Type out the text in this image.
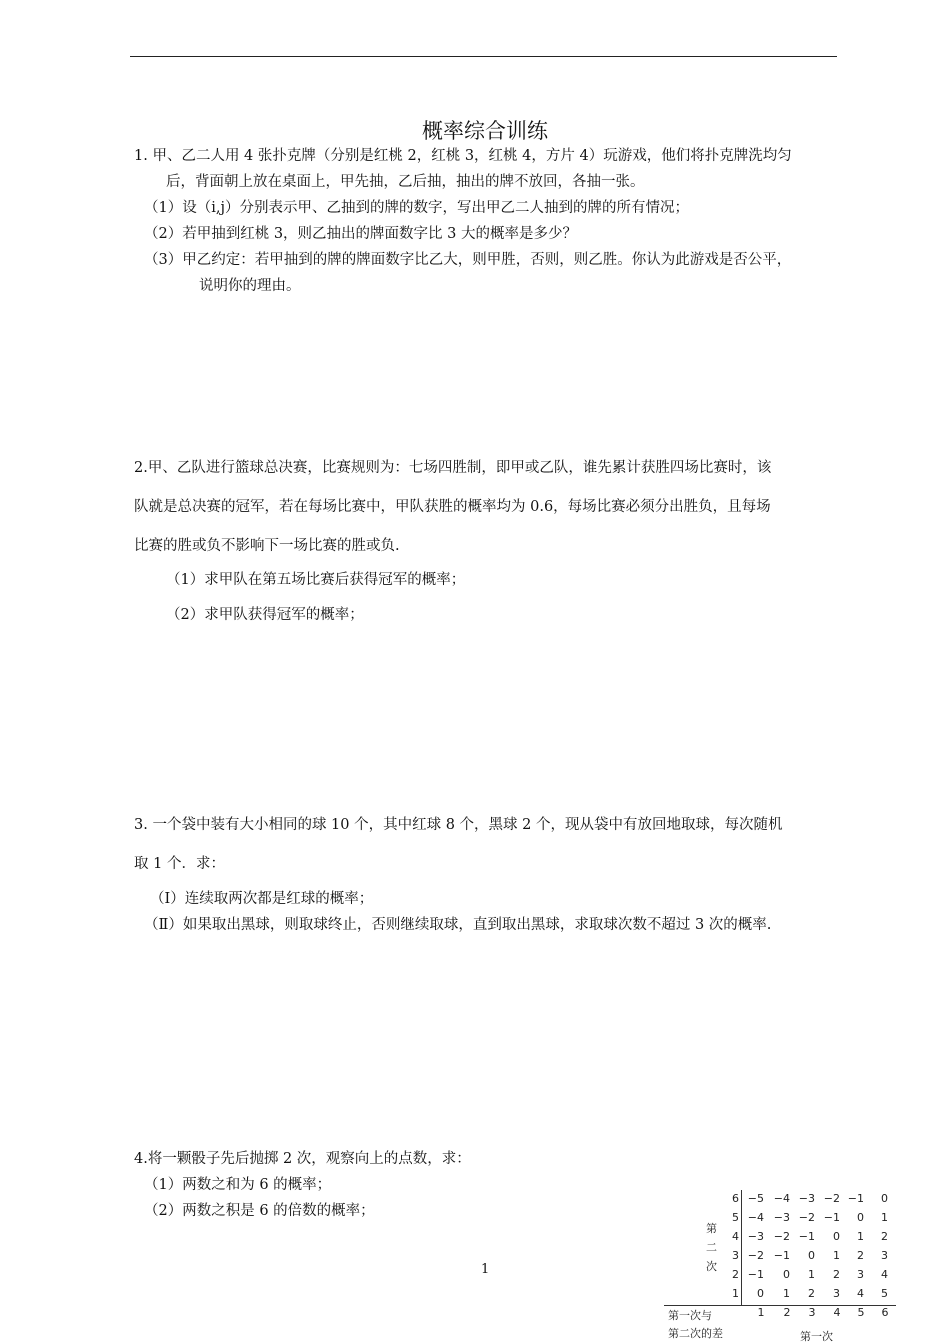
概率综合训练
1. 甲、乙二人用 4 张扑克牌（分别是红桃 2，红桃 3，红桃 4，方片 4）玩游戏，他们将扑克牌洗均匀
后，背面朝上放在桌面上，甲先抽，乙后抽，抽出的牌不放回，各抽一张。
（1）设（i,j）分别表示甲、乙抽到的牌的数字，写出甲乙二人抽到的牌的所有情况；
（2）若甲抽到红桃 3，则乙抽出的牌面数字比 3 大的概率是多少？
（3）甲乙约定：若甲抽到的牌的牌面数字比乙大，则甲胜，否则，则乙胜。你认为此游戏是否公平，
说明你的理由。
2.甲、乙队进行篮球总决赛，比赛规则为：七场四胜制，即甲或乙队，谁先累计获胜四场比赛时，该
队就是总决赛的冠军，若在每场比赛中，甲队获胜的概率均为 0.6，每场比赛必须分出胜负，且每场
比赛的胜或负不影响下一场比赛的胜或负.
（1）求甲队在第五场比赛后获得冠军的概率；
（2）求甲队获得冠军的概率；
3. 一个袋中装有大小相同的球 10 个，其中红球 8 个，黑球 2 个，现从袋中有放回地取球，每次随机
取 1 个．求：
（Ⅰ）连续取两次都是红球的概率；
（Ⅱ）如果取出黑球，则取球终止，否则继续取球，直到取出黑球，求取球次数不超过 3 次的概率.
4.将一颗骰子先后抛掷 2 次，观察向上的点数，求：
（1）两数之和为 6 的概率；
（2）两数之积是 6 的倍数的概率；
1
第
二
次
6 −5 −4 −3 −2 −1	0
5 −4 −3 −2 −1	0	1
4 −3 −2 −1	0	1	2
3 −2 −1	0	1	2	3
2 −1	0	1	2	3	4
1	0	1	2	3	4	5
1	2	3	4	5	6
第一次与
第二次的差	第一次
